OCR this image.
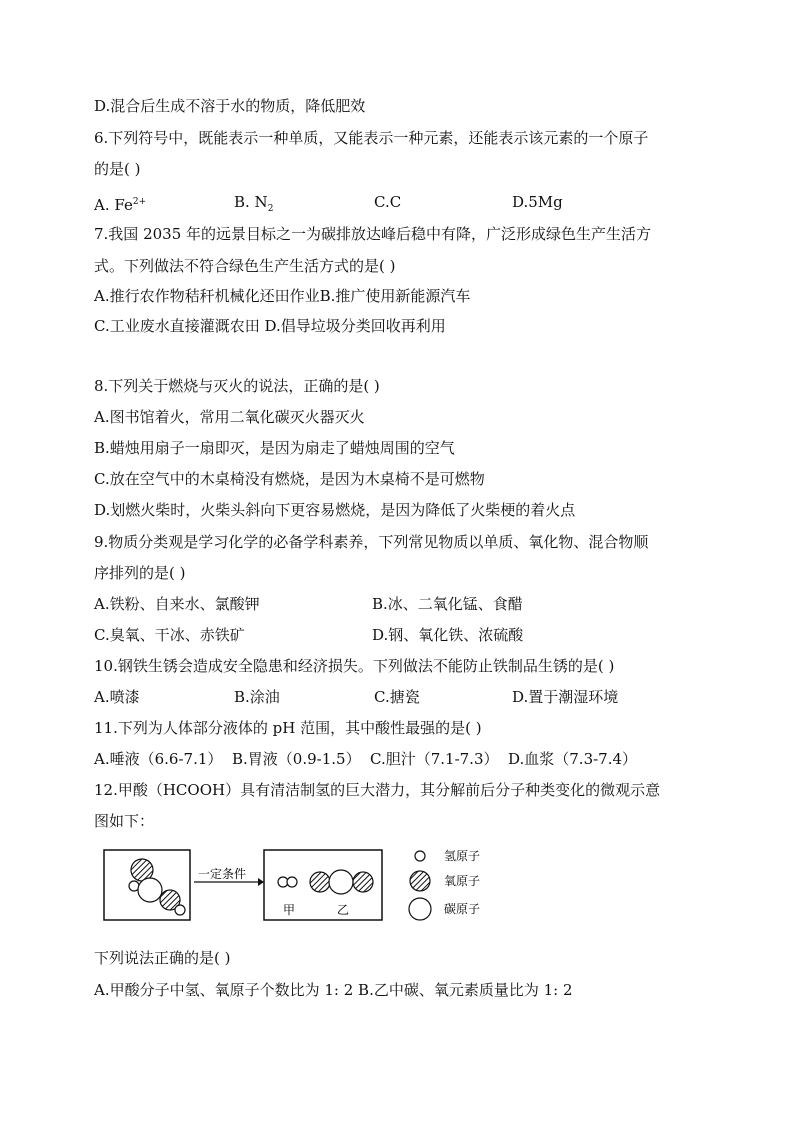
D.混合后生成不溶于水的物质，降低肥效
6.下列符号中，既能表示一种单质，又能表示一种元素，还能表示该元素的一个原子
的是( )
A. $Fe^{2+}$	B. $N_2$	C.C	D.5Mg
7.我国 2035 年的远景目标之一为碳排放达峰后稳中有降，广泛形成绿色生产生活方
式。下列做法不符合绿色生产生活方式的是( )
A.推行农作物秸秆机械化还田作业B.推广使用新能源汽车
C.工业废水直接灌溉农田 D.倡导垃圾分类回收再利用
8.下列关于燃烧与灭火的说法，正确的是( )
A.图书馆着火，常用二氧化碳灭火器灭火
B.蜡烛用扇子一扇即灭，是因为扇走了蜡烛周围的空气
C.放在空气中的木桌椅没有燃烧，是因为木桌椅不是可燃物
D.划燃火柴时，火柴头斜向下更容易燃烧，是因为降低了火柴梗的着火点
9.物质分类观是学习化学的必备学科素养，下列常见物质以单质、氧化物、混合物顺
序排列的是( )
A.铁粉、自来水、氯酸钾	B.冰、二氧化锰、食醋
C.臭氧、干冰、赤铁矿	D.钢、氧化铁、浓硫酸
10.钢铁生锈会造成安全隐患和经济损失。下列做法不能防止铁制品生锈的是( )
A.喷漆	B.涂油	C.搪瓷	D.置于潮湿环境
11.下列为人体部分液体的 pH 范围，其中酸性最强的是( )
A.唾液（6.6-7.1） B.胃液（0.9-1.5） C.胆汁（7.1-7.3） D.血浆（7.3-7.4）
12.甲酸（HCOOH）具有清洁制氢的巨大潜力，其分解前后分子种类变化的微观示意
图如下：
一定条件
甲	乙
氢原子
氧原子
碳原子
下列说法正确的是( )
A.甲酸分子中氢、氧原子个数比为 1: 2 B.乙中碳、氧元素质量比为 1: 2
